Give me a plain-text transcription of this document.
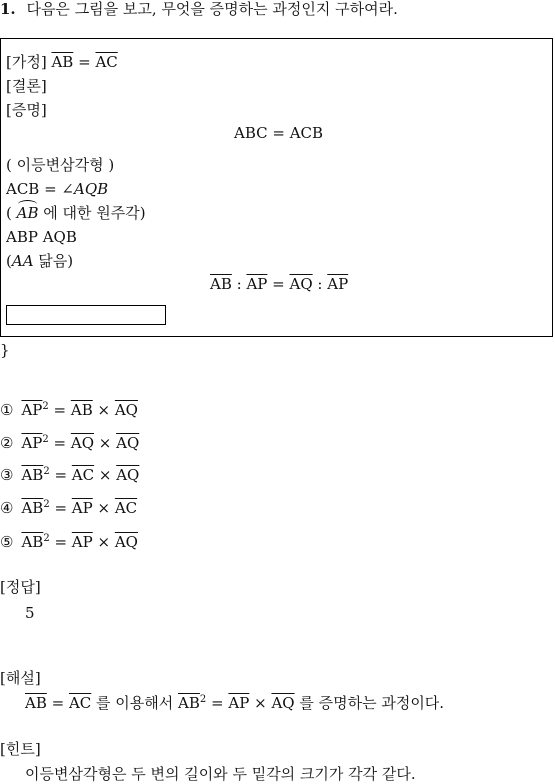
1. 다음은 그림을 보고, 무엇을 증명하는 과정인지 구하여라.
[가정] $\overline{AB} = \overline{AC}$
[결론]
[증명]
ABC = ACB
( 이등변삼각형 )
ACB = ∠AQB
(
AB 에 대한 원주각)
ABP AQB
(AA 닮음)
$\overline{AB}$ : $\overline{AP} = \overline{AQ}$ : $\overline{AP}$
}
① $\overline{AP}^2 = \overline{AB} \times \overline{AQ}$
② $\overline{AP}^2 = \overline{AQ} \times \overline{AQ}$
③ $\overline{AB}^2 = \overline{AC} \times \overline{AQ}$
④ $\overline{AB}^2 = \overline{AP} \times \overline{AC}$
⑤ $\overline{AB}^2 = \overline{AP} \times \overline{AQ}$
[정답]
5
[해설]
$\overline{AB} = \overline{AC}$ 를 이용해서 $\overline{AB}^2 = \overline{AP} \times \overline{AQ}$ 를 증명하는 과정이다.
[힌트]
이등변삼각형은 두 변의 길이와 두 밑각의 크기가 각각 같다.
